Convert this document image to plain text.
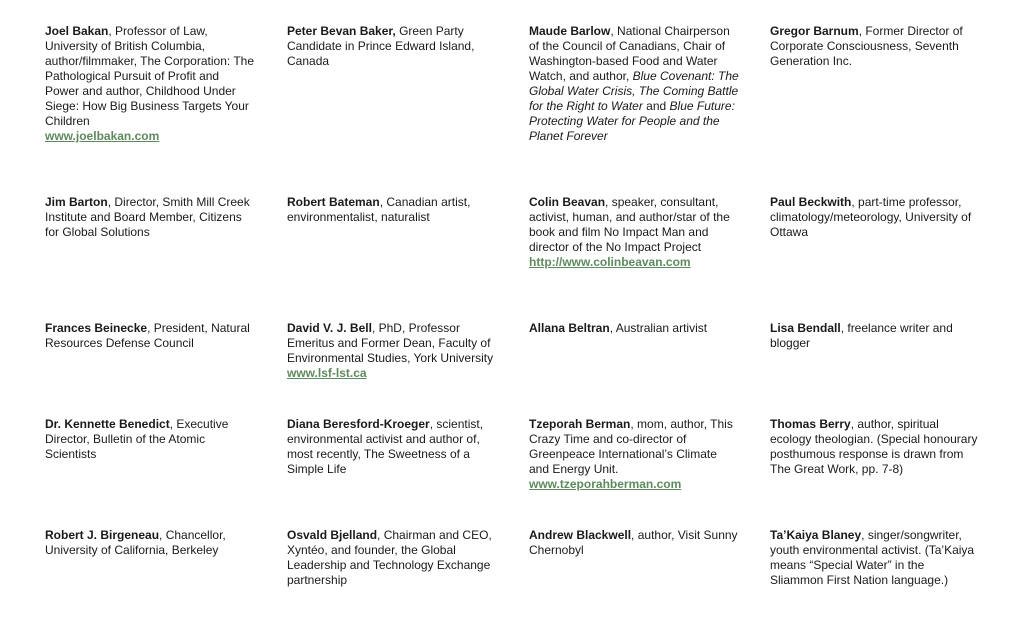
Joel Bakan, Professor of Law, University of British Columbia, author/filmmaker, The Corporation: The Pathological Pursuit of Profit and Power and author, Childhood Under Siege: How Big Business Targets Your Children
www.joelbakan.com
Peter Bevan Baker, Green Party Candidate in Prince Edward Island, Canada
Maude Barlow, National Chairperson of the Council of Canadians, Chair of Washington-based Food and Water Watch, and author, Blue Covenant: The Global Water Crisis, The Coming Battle for the Right to Water and Blue Future: Protecting Water for People and the Planet Forever
Gregor Barnum, Former Director of Corporate Consciousness, Seventh Generation Inc.
Jim Barton, Director, Smith Mill Creek Institute and Board Member, Citizens for Global Solutions
Robert Bateman, Canadian artist, environmentalist, naturalist
Colin Beavan, speaker, consultant, activist, human, and author/star of the book and film No Impact Man and director of the No Impact Project
http://www.colinbeavan.com
Paul Beckwith, part-time professor, climatology/meteorology, University of Ottawa
Frances Beinecke, President, Natural Resources Defense Council
David V. J. Bell, PhD, Professor Emeritus and Former Dean, Faculty of Environmental Studies, York University www.lsf-lst.ca
Allana Beltran, Australian artivist	Lisa Bendall, freelance writer and blogger
Dr. Kennette Benedict, Executive Director, Bulletin of the Atomic Scientists
Diana Beresford-Kroeger, scientist, environmental activist and author of, most recently, The Sweetness of a Simple Life
Tzeporah Berman, mom, author, This Crazy Time and co-director of Greenpeace International’s Climate and Energy Unit.
www.tzeporahberman.com
Thomas Berry, author, spiritual ecology theologian. (Special honourary posthumous response is drawn from The Great Work, pp. 7-8)
Robert J. Birgeneau, Chancellor, University of California, Berkeley
Osvald Bjelland, Chairman and CEO, Xyntéo, and founder, the Global Leadership and Technology Exchange partnership
Andrew Blackwell, author, Visit Sunny Chernobyl
Ta’Kaiya Blaney, singer/songwriter, youth environmental activist. (Ta’Kaiya means “Special Water” in the Sliammon First Nation language.)
